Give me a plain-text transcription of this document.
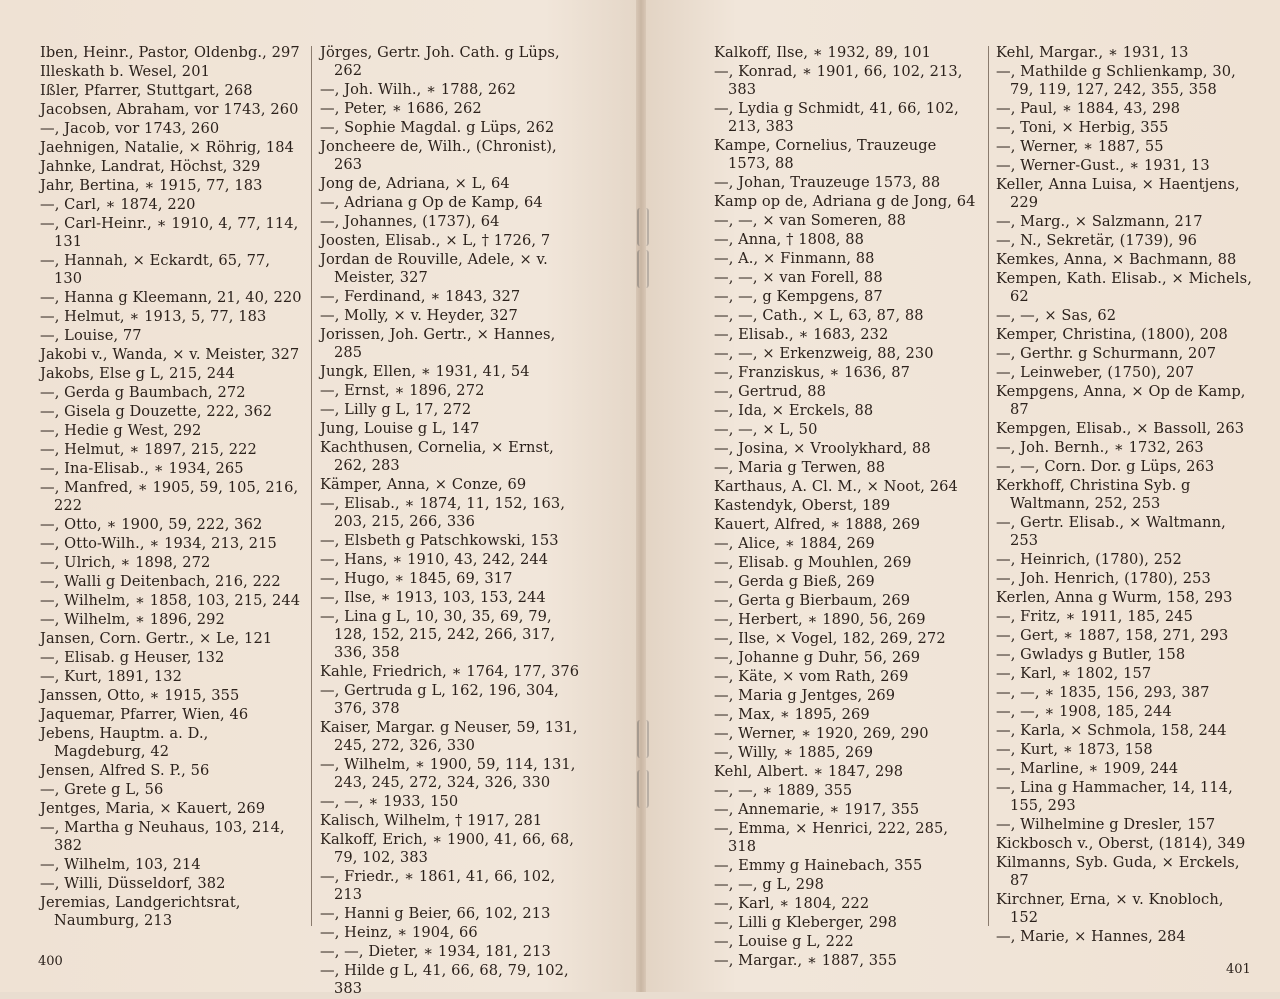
Iben, Heinr., Pastor, Oldenbg., 297
Illeskath b. Wesel, 201
Ißler, Pfarrer, Stuttgart, 268
Jacobsen, Abraham, vor 1743, 260
—, Jacob, vor 1743, 260
Jaehnigen, Natalie, × Röhrig, 184
Jahnke, Landrat, Höchst, 329
Jahr, Bertina, ∗ 1915, 77, 183
—, Carl, ∗ 1874, 220
—, Carl-Heinr., ∗ 1910, 4, 77, 114, 131
—, Hannah, × Eckardt, 65, 77, 130
—, Hanna g Kleemann, 21, 40, 220
—, Helmut, ∗ 1913, 5, 77, 183
—, Louise, 77
Jakobi v., Wanda, × v. Meister, 327
Jakobs, Else g L, 215, 244
—, Gerda g Baumbach, 272
—, Gisela g Douzette, 222, 362
—, Hedie g West, 292
—, Helmut, ∗ 1897, 215, 222
—, Ina-Elisab., ∗ 1934, 265
—, Manfred, ∗ 1905, 59, 105, 216, 222
—, Otto, ∗ 1900, 59, 222, 362
—, Otto-Wilh., ∗ 1934, 213, 215
—, Ulrich, ∗ 1898, 272
—, Walli g Deitenbach, 216, 222
—, Wilhelm, ∗ 1858, 103, 215, 244
—, Wilhelm, ∗ 1896, 292
Jansen, Corn. Gertr., × Le, 121
—, Elisab. g Heuser, 132
—, Kurt, 1891, 132
Janssen, Otto, ∗ 1915, 355
Jaquemar, Pfarrer, Wien, 46
Jebens, Hauptm. a. D., Magdeburg, 42
Jensen, Alfred S. P., 56
—, Grete g L, 56
Jentges, Maria, × Kauert, 269
—, Martha g Neuhaus, 103, 214, 382
—, Wilhelm, 103, 214
—, Willi, Düsseldorf, 382
Jeremias, Landgerichtsrat, Naumburg, 213
Jörges, Gertr. Joh. Cath. g Lüps, 262
—, Joh. Wilh., ∗ 1788, 262
—, Peter, ∗ 1686, 262
—, Sophie Magdal. g Lüps, 262
Joncheere de, Wilh., (Chronist), 263
Jong de, Adriana, × L, 64
—, Adriana g Op de Kamp, 64
—, Johannes, (1737), 64
Joosten, Elisab., × L, † 1726, 7
Jordan de Rouville, Adele, × v. Meister, 327
—, Ferdinand, ∗ 1843, 327
—, Molly, × v. Heyder, 327
Jorissen, Joh. Gertr., × Hannes, 285
Jungk, Ellen, ∗ 1931, 41, 54
—, Ernst, ∗ 1896, 272
—, Lilly g L, 17, 272
Jung, Louise g L, 147
Kachthusen, Cornelia, × Ernst, 262, 283
Kämper, Anna, × Conze, 69
—, Elisab., ∗ 1874, 11, 152, 163, 203, 215, 266, 336
—, Elsbeth g Patschkowski, 153
—, Hans, ∗ 1910, 43, 242, 244
—, Hugo, ∗ 1845, 69, 317
—, Ilse, ∗ 1913, 103, 153, 244
—, Lina g L, 10, 30, 35, 69, 79, 128, 152, 215, 242, 266, 317, 336, 358
Kahle, Friedrich, ∗ 1764, 177, 376
—, Gertruda g L, 162, 196, 304, 376, 378
Kaiser, Margar. g Neuser, 59, 131, 245, 272, 326, 330
—, Wilhelm, ∗ 1900, 59, 114, 131, 243, 245, 272, 324, 326, 330
—, —, ∗ 1933, 150
Kalisch, Wilhelm, † 1917, 281
Kalkoff, Erich, ∗ 1900, 41, 66, 68, 79, 102, 383
—, Friedr., ∗ 1861, 41, 66, 102, 213
—, Hanni g Beier, 66, 102, 213
—, Heinz, ∗ 1904, 66
—, —, Dieter, ∗ 1934, 181, 213
—, Hilde g L, 41, 66, 68, 79, 102, 383
Kalkoff, Ilse, ∗ 1932, 89, 101
—, Konrad, ∗ 1901, 66, 102, 213, 383
—, Lydia g Schmidt, 41, 66, 102, 213, 383
Kampe, Cornelius, Trauzeuge 1573, 88
—, Johan, Trauzeuge 1573, 88
Kamp op de, Adriana g de Jong, 64
—, —, × van Someren, 88
—, Anna, † 1808, 88
—, A., × Finmann, 88
—, —, × van Forell, 88
—, —, g Kempgens, 87
—, —, Cath., × L, 63, 87, 88
—, Elisab., ∗ 1683, 232
—, —, × Erkenzweig, 88, 230
—, Franziskus, ∗ 1636, 87
—, Gertrud, 88
—, Ida, × Erckels, 88
—, —, × L, 50
—, Josina, × Vroolykhard, 88
—, Maria g Terwen, 88
Karthaus, A. Cl. M., × Noot, 264
Kastendyk, Oberst, 189
Kauert, Alfred, ∗ 1888, 269
—, Alice, ∗ 1884, 269
—, Elisab. g Mouhlen, 269
—, Gerda g Bieß, 269
—, Gerta g Bierbaum, 269
—, Herbert, ∗ 1890, 56, 269
—, Ilse, × Vogel, 182, 269, 272
—, Johanne g Duhr, 56, 269
—, Käte, × vom Rath, 269
—, Maria g Jentges, 269
—, Max, ∗ 1895, 269
—, Werner, ∗ 1920, 269, 290
—, Willy, ∗ 1885, 269
Kehl, Albert. ∗ 1847, 298
—, —, ∗ 1889, 355
—, Annemarie, ∗ 1917, 355
—, Emma, × Henrici, 222, 285, 318
—, Emmy g Hainebach, 355
—, —, g L, 298
—, Karl, ∗ 1804, 222
—, Lilli g Kleberger, 298
—, Louise g L, 222
—, Margar., ∗ 1887, 355
Kehl, Margar., ∗ 1931, 13
—, Mathilde g Schlienkamp, 30, 79, 119, 127, 242, 355, 358
—, Paul, ∗ 1884, 43, 298
—, Toni, × Herbig, 355
—, Werner, ∗ 1887, 55
—, Werner-Gust., ∗ 1931, 13
Keller, Anna Luisa, × Haentjens, 229
—, Marg., × Salzmann, 217
—, N., Sekretär, (1739), 96
Kemkes, Anna, × Bachmann, 88
Kempen, Kath. Elisab., × Michels, 62
—, —, × Sas, 62
Kemper, Christina, (1800), 208
—, Gerthr. g Schurmann, 207
—, Leinweber, (1750), 207
Kempgens, Anna, × Op de Kamp, 87
Kempgen, Elisab., × Bassoll, 263
—, Joh. Bernh., ∗ 1732, 263
—, —, Corn. Dor. g Lüps, 263
Kerkhoff, Christina Syb. g Waltmann, 252, 253
—, Gertr. Elisab., × Waltmann, 253
—, Heinrich, (1780), 252
—, Joh. Henrich, (1780), 253
Kerlen, Anna g Wurm, 158, 293
—, Fritz, ∗ 1911, 185, 245
—, Gert, ∗ 1887, 158, 271, 293
—, Gwladys g Butler, 158
—, Karl, ∗ 1802, 157
—, —, ∗ 1835, 156, 293, 387
—, —, ∗ 1908, 185, 244
—, Karla, × Schmola, 158, 244
—, Kurt, ∗ 1873, 158
—, Marline, ∗ 1909, 244
—, Lina g Hammacher, 14, 114, 155, 293
—, Wilhelmine g Dresler, 157
Kickbosch v., Oberst, (1814), 349
Kilmanns, Syb. Guda, × Erckels, 87
Kirchner, Erna, × v. Knobloch, 152
—, Marie, × Hannes, 284
400
401
